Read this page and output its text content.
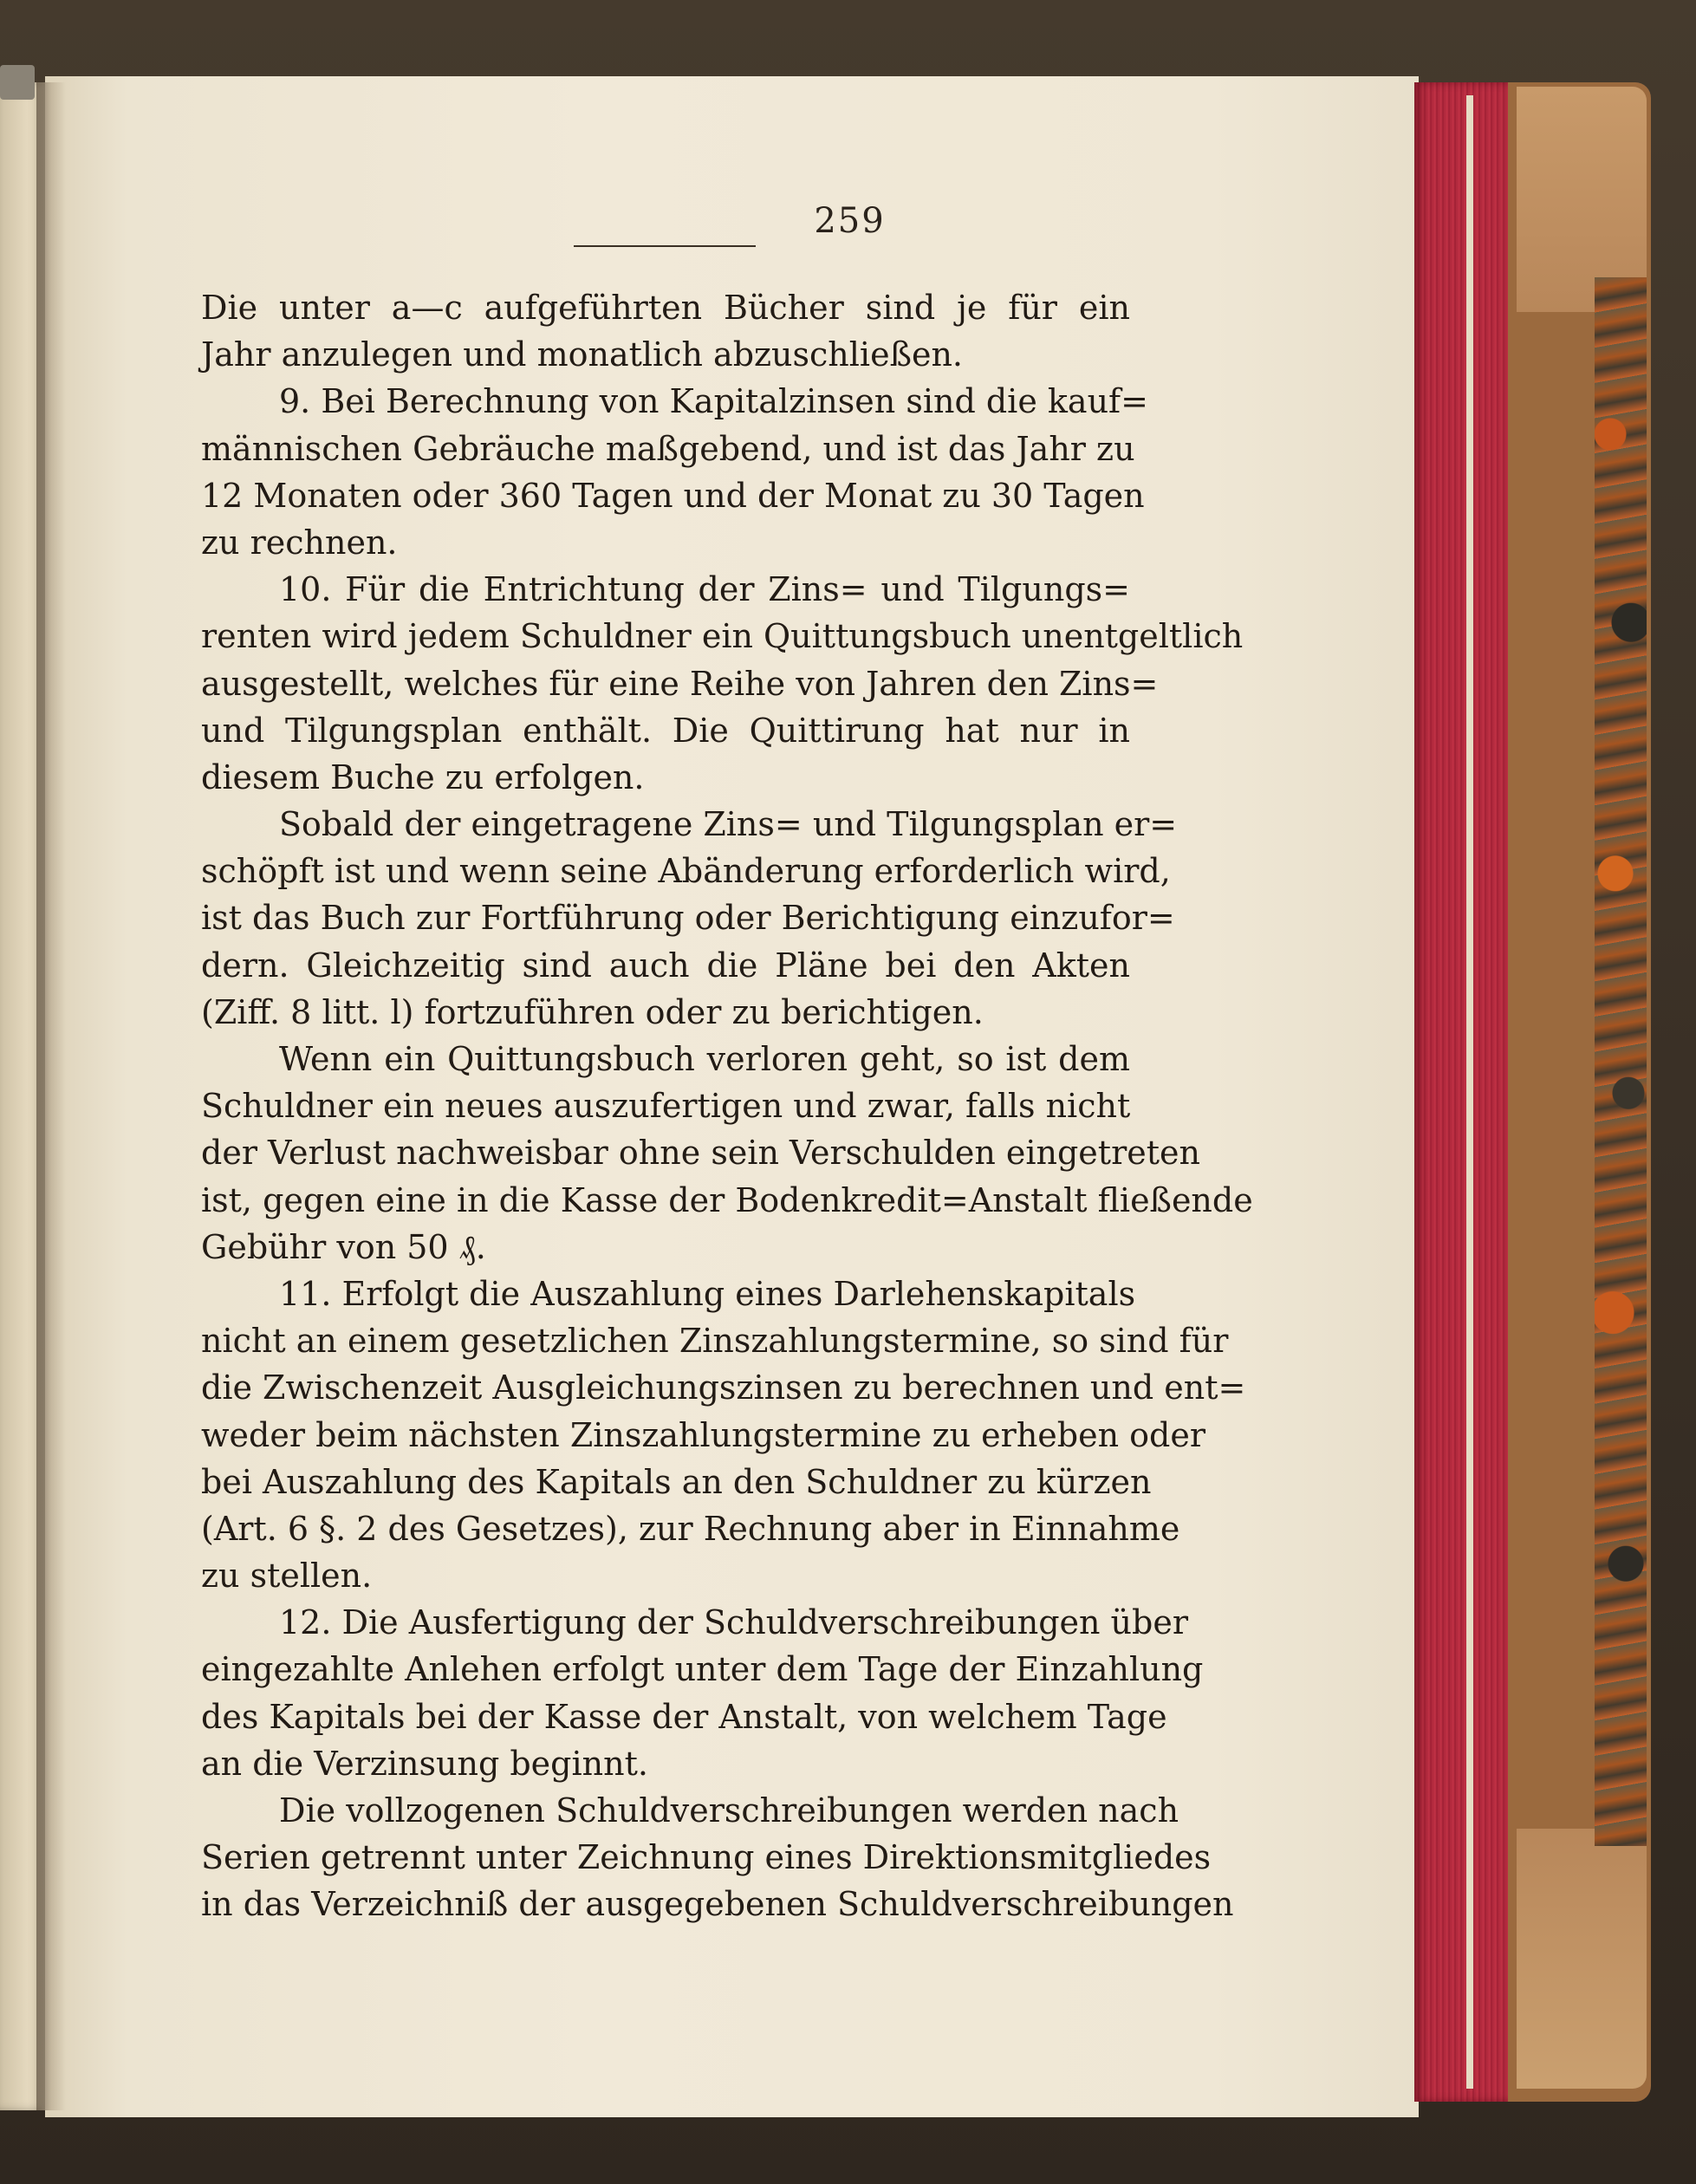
259
Die unter a—c aufgeführten Bücher sind je für ein
Jahr anzulegen und monatlich abzuschließen.
9. Bei Berechnung von Kapitalzinsen sind die kauf=
männischen Gebräuche maßgebend, und ist das Jahr zu
12 Monaten oder 360 Tagen und der Monat zu 30 Tagen
zu rechnen.
10. Für die Entrichtung der Zins= und Tilgungs=
renten wird jedem Schuldner ein Quittungsbuch unentgeltlich
ausgestellt, welches für eine Reihe von Jahren den Zins=
und Tilgungsplan enthält. Die Quittirung hat nur in
diesem Buche zu erfolgen.
Sobald der eingetragene Zins= und Tilgungsplan er=
schöpft ist und wenn seine Abänderung erforderlich wird,
ist das Buch zur Fortführung oder Berichtigung einzufor=
dern. Gleichzeitig sind auch die Pläne bei den Akten
(Ziff. 8 litt. l) fortzuführen oder zu berichtigen.
Wenn ein Quittungsbuch verloren geht, so ist dem
Schuldner ein neues auszufertigen und zwar, falls nicht
der Verlust nachweisbar ohne sein Verschulden eingetreten
ist, gegen eine in die Kasse der Bodenkredit=Anstalt fließende
Gebühr von 50 ₰.
11. Erfolgt die Auszahlung eines Darlehenskapitals
nicht an einem gesetzlichen Zinszahlungstermine, so sind für
die Zwischenzeit Ausgleichungszinsen zu berechnen und ent=
weder beim nächsten Zinszahlungstermine zu erheben oder
bei Auszahlung des Kapitals an den Schuldner zu kürzen
(Art. 6 §. 2 des Gesetzes), zur Rechnung aber in Einnahme
zu stellen.
12. Die Ausfertigung der Schuldverschreibungen über
eingezahlte Anlehen erfolgt unter dem Tage der Einzahlung
des Kapitals bei der Kasse der Anstalt, von welchem Tage
an die Verzinsung beginnt.
Die vollzogenen Schuldverschreibungen werden nach
Serien getrennt unter Zeichnung eines Direktionsmitgliedes
in das Verzeichniß der ausgegebenen Schuldverschreibungen
